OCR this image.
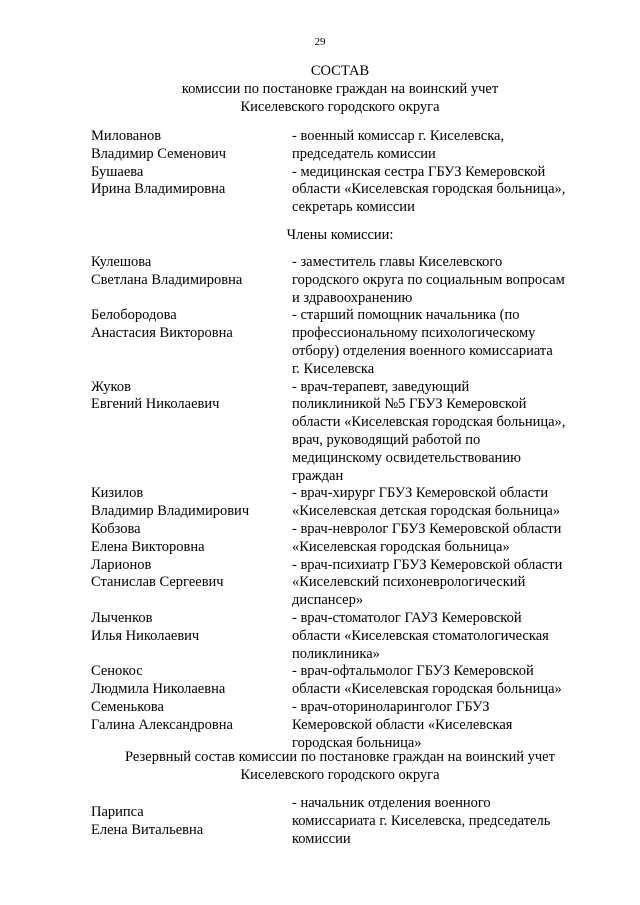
29
СОСТАВ
комиссии по постановке граждан на воинский учет
Киселевского городского округа
Милованов
Владимир Семенович
- военный комиссар г. Киселевска,
председатель комиссии
Бушаева
Ирина Владимировна
- медицинская сестра ГБУЗ Кемеровской
области «Киселевская городская больница»,
секретарь комиссии
Члены комиссии:
Кулешова
Светлана Владимировна
- заместитель главы Киселевского
городского округа по социальным вопросам
и здравоохранению
Белобородова
Анастасия Викторовна
- старший помощник начальника (по
профессиональному психологическому
отбору) отделения военного комиссариата
г. Киселевска
Жуков
Евгений Николаевич
- врач-терапевт, заведующий
поликлиникой №5 ГБУЗ Кемеровской
области «Киселевская городская больница»,
врач, руководящий работой по
медицинскому освидетельствованию
граждан
Кизилов
Владимир Владимирович
- врач-хирург ГБУЗ Кемеровской области
«Киселевская детская городская больница»
Кобзова
Елена Викторовна
- врач-невролог ГБУЗ Кемеровской области
«Киселевская городская больница»
Ларионов
Станислав Сергеевич
- врач-психиатр ГБУЗ Кемеровской области
«Киселевский психоневрологический
диспансер»
Лыченков
Илья Николаевич
- врач-стоматолог ГАУЗ Кемеровской
области «Киселевская стоматологическая
поликлиника»
Сенокос
Людмила Николаевна
- врач-офтальмолог ГБУЗ Кемеровской
области «Киселевская городская больница»
Семенькова
Галина Александровна
- врач-оториноларинголог ГБУЗ
Кемеровской области «Киселевская
городская больница»
Резервный состав комиссии по постановке граждан на воинский учет
Киселевского городского округа
Парипса
Елена Витальевна
- начальник отделения военного
комиссариата г. Киселевска, председатель
комиссии
